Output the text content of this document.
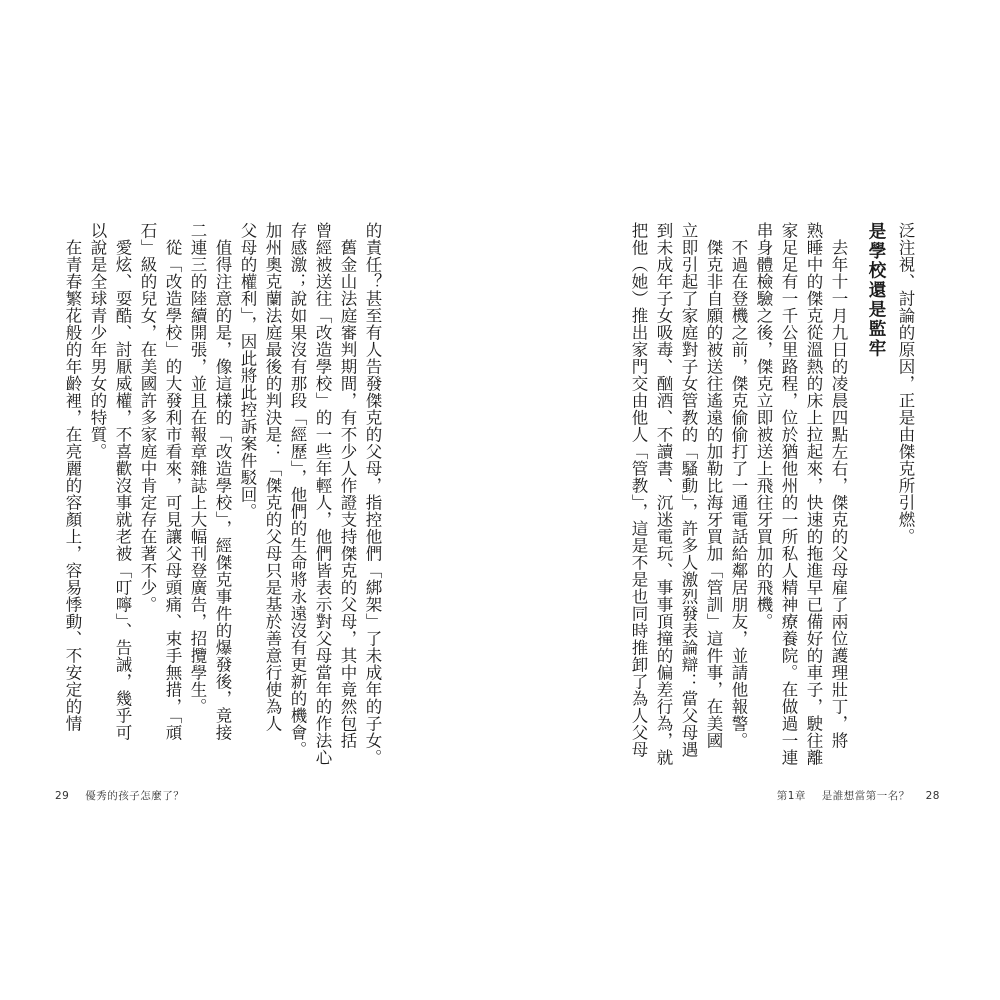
的責任？甚至有人告發傑克的父母，指控他們「綁架」了未成年的子女。
　舊金山法庭審判期間，有不少人作證支持傑克的父母，其中竟然包括
曾經被送往「改造學校」的一些年輕人，他們皆表示對父母當年的作法心
存感激；說如果沒有那段「經歷」，他們的生命將永遠沒有更新的機會。
加州奧克蘭法庭最後的判決是：「傑克的父母只是基於善意行使為人
父母的權利」，因此將此控訴案件駁回。
　值得注意的是，像這樣的「改造學校」，經傑克事件的爆發後，竟接
二連三的陸續開張，並且在報章雜誌上大幅刊登廣告，招攬學生。
　從「改造學校」的大發利市看來，可見讓父母頭痛、束手無措，「頑
石」級的兒女，在美國許多家庭中肯定存在著不少。
　愛炫、耍酷、討厭威權，不喜歡沒事就老被「叮嚀」、告誡，幾乎可
以說是全球青少年男女的特質。
　在青春繁花般的年齡裡，在亮麗的容顏上，容易悸動、不安定的情	泛注視、討論的原因，正是由傑克所引燃。
是學校還是監牢
　去年十一月九日的凌晨四點左右，傑克的父母雇了兩位護理壯丁，將
熟睡中的傑克從溫熱的床上拉起來，快速的拖進早已備好的車子，駛往離
家足足有一千公里路程，位於猶他州的一所私人精神療養院。在做過一連
串身體檢驗之後，傑克立即被送上飛往牙買加的飛機。
　不過在登機之前，傑克偷偷打了一通電話給鄰居朋友，並請他報警。
　傑克非自願的被送往遙遠的加勒比海牙買加「管訓」這件事，在美國
立即引起了家庭對子女管教的「騷動」，許多人激烈發表論辯：當父母遇
到未成年子女吸毒、酗酒、不讀書、沉迷電玩、事事頂撞的偏差行為，就
把他（她）推出家門交由他人「管教」，這是不是也同時推卸了為人父母
29 優秀的孩子怎麼了？	第1章 是誰想當第一名？ 28
